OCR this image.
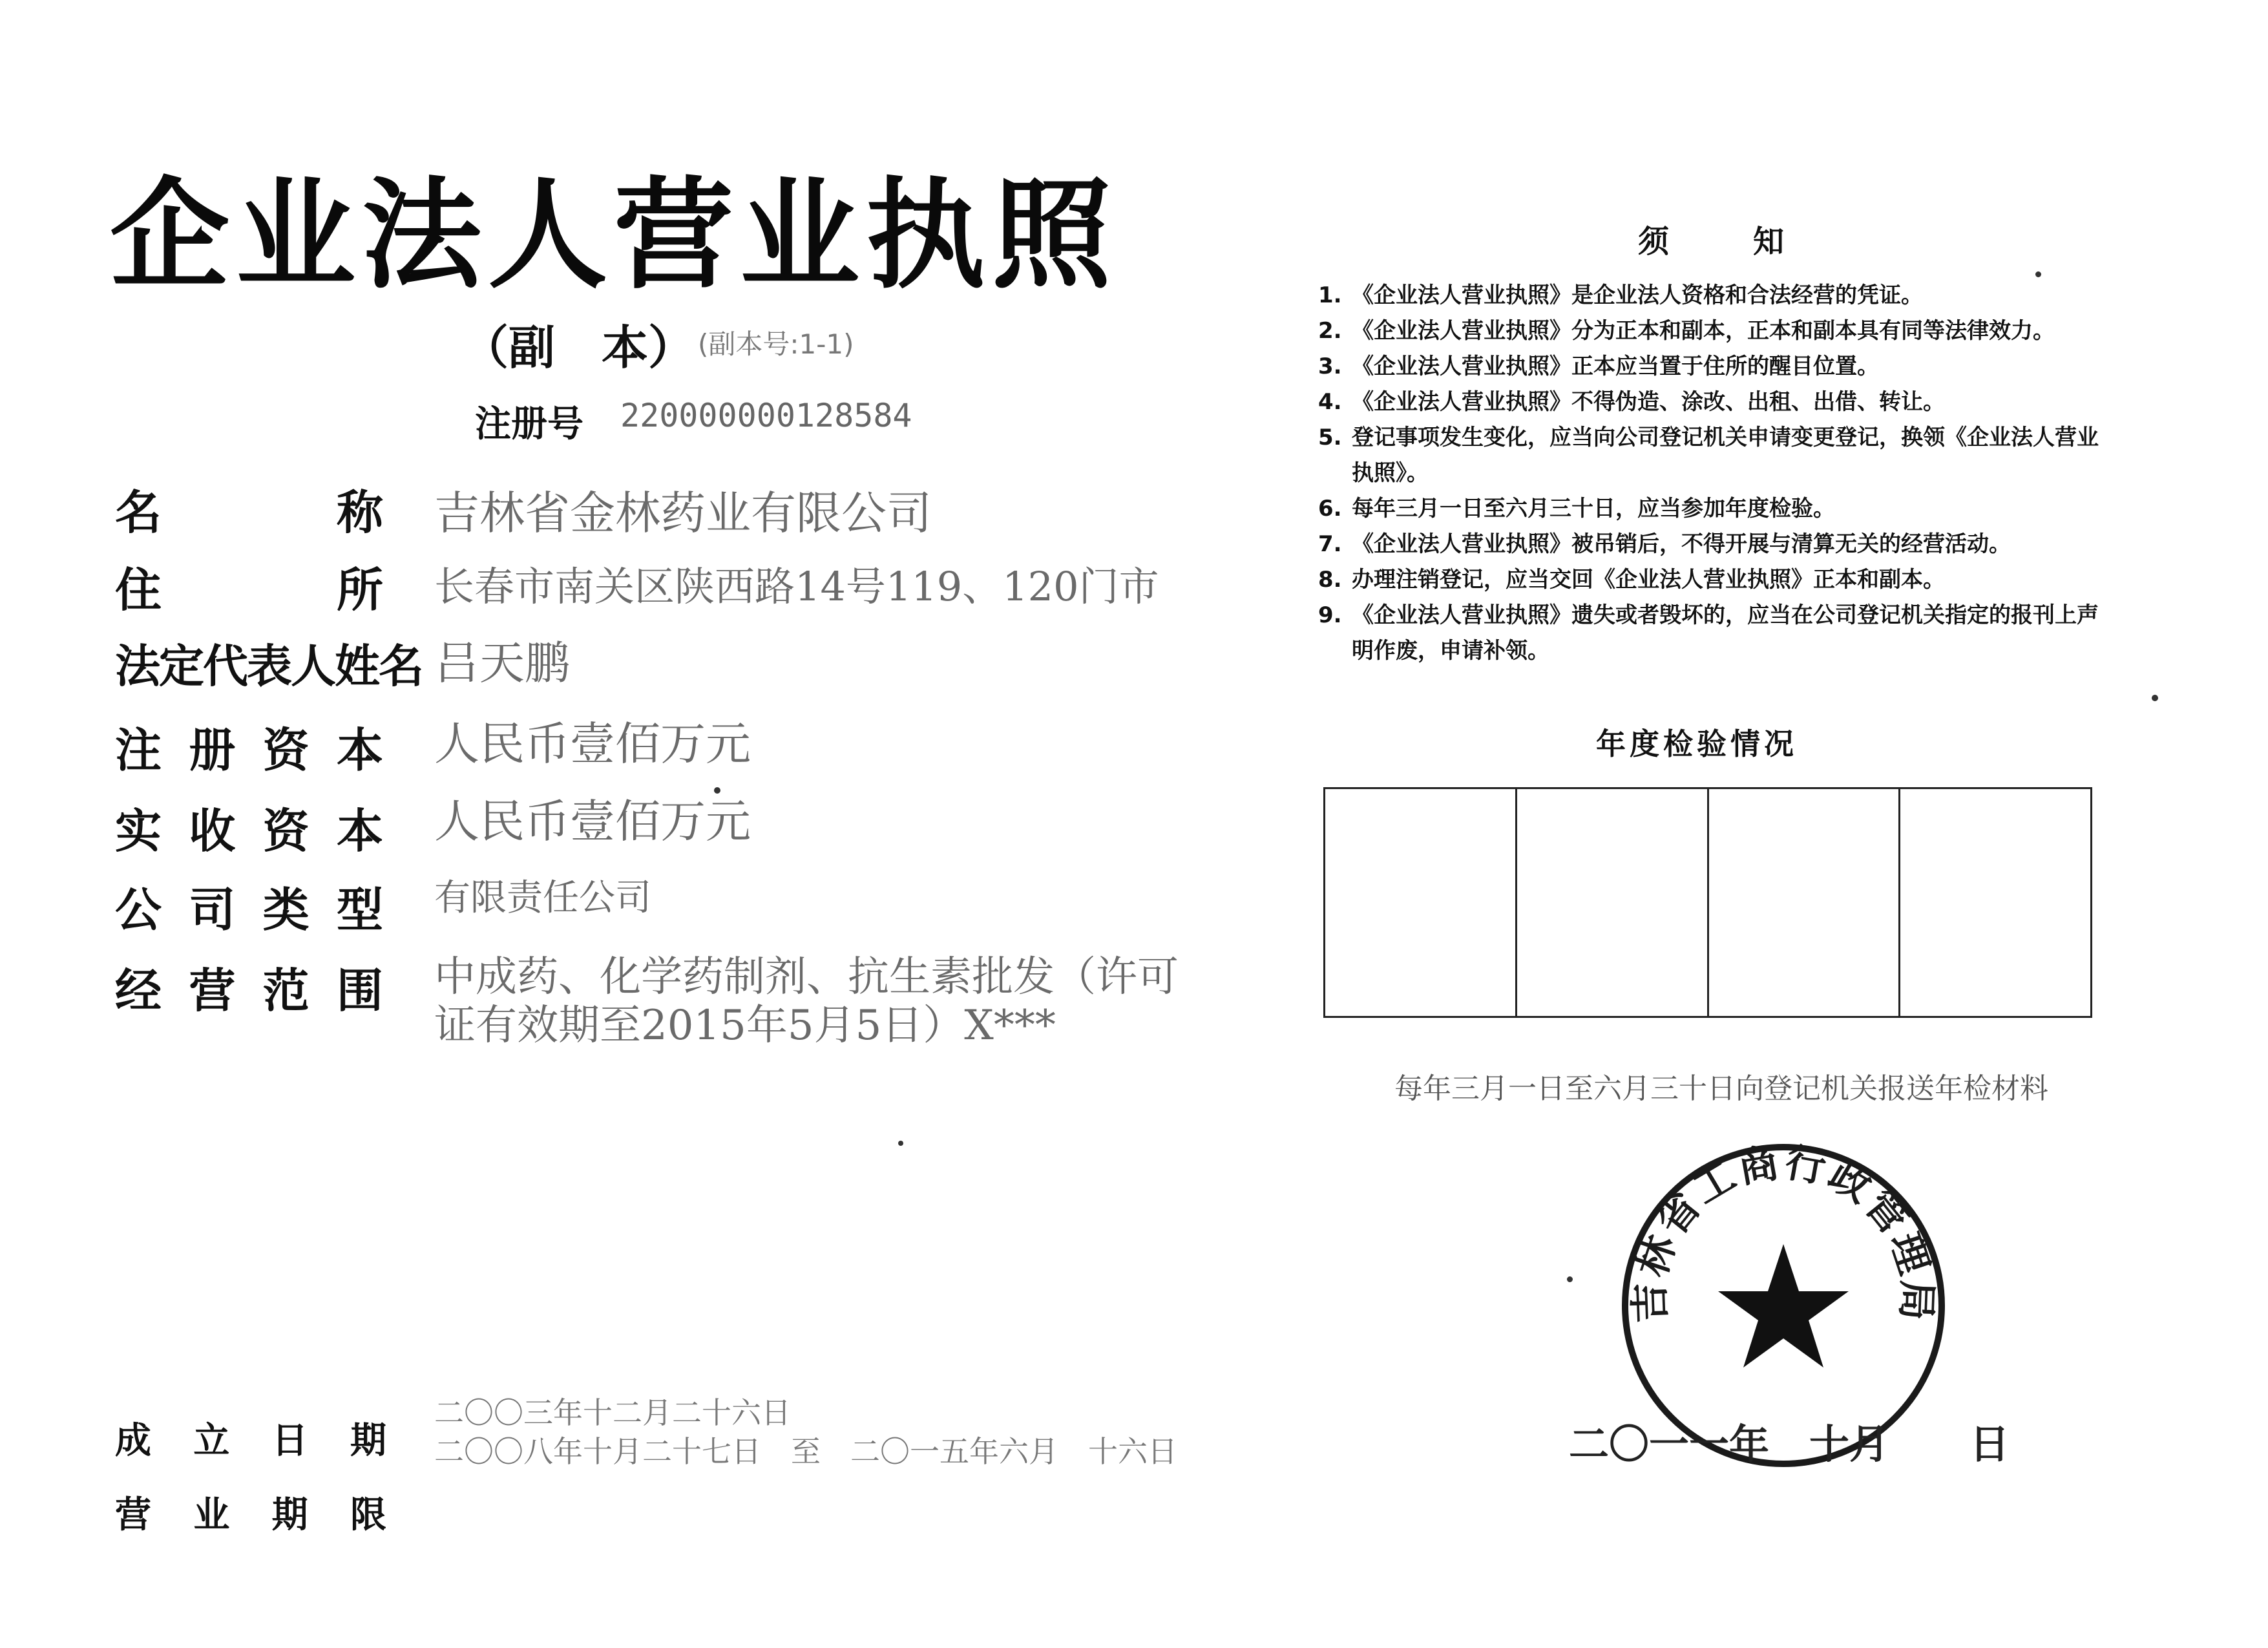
企业法人营业执照
（副　本） (副本号:1-1)
注册号 220000000128584
名　　称 吉林省金林药业有限公司
住　　所 长春市南关区陕西路14号119、120门市
法定代表人姓名 吕天鹏
注册资本 人民币壹佰万元
实收资本 人民币壹佰万元
公司类型 有限责任公司
经营范围 中成药、化学药制剂、抗生素批发（许可
证有效期至2015年5月5日）X***
成立日期
二〇〇三年十二月二十六日
营业期限
二〇〇八年十月二十七日　至　二〇一五年六月　十六日
须知
1. 《企业法人营业执照》是企业法人资格和合法经营的凭证。
2. 《企业法人营业执照》分为正本和副本，正本和副本具有同等法律效力。
3. 《企业法人营业执照》正本应当置于住所的醒目位置。
4. 《企业法人营业执照》不得伪造、涂改、出租、出借、转让。
5. 登记事项发生变化，应当向公司登记机关申请变更登记，换领《企业法人营业执照》。
6. 每年三月一日至六月三十日，应当参加年度检验。
7. 《企业法人营业执照》被吊销后，不得开展与清算无关的经营活动。
8. 办理注销登记，应当交回《企业法人营业执照》正本和副本。
9. 《企业法人营业执照》遗失或者毁坏的，应当在公司登记机关指定的报刊上声明作废，申请补领。
年度检验情况
每年三月一日至六月三十日向登记机关报送年检材料
吉林省工商行政管理局
二〇一一年　十月　　日
